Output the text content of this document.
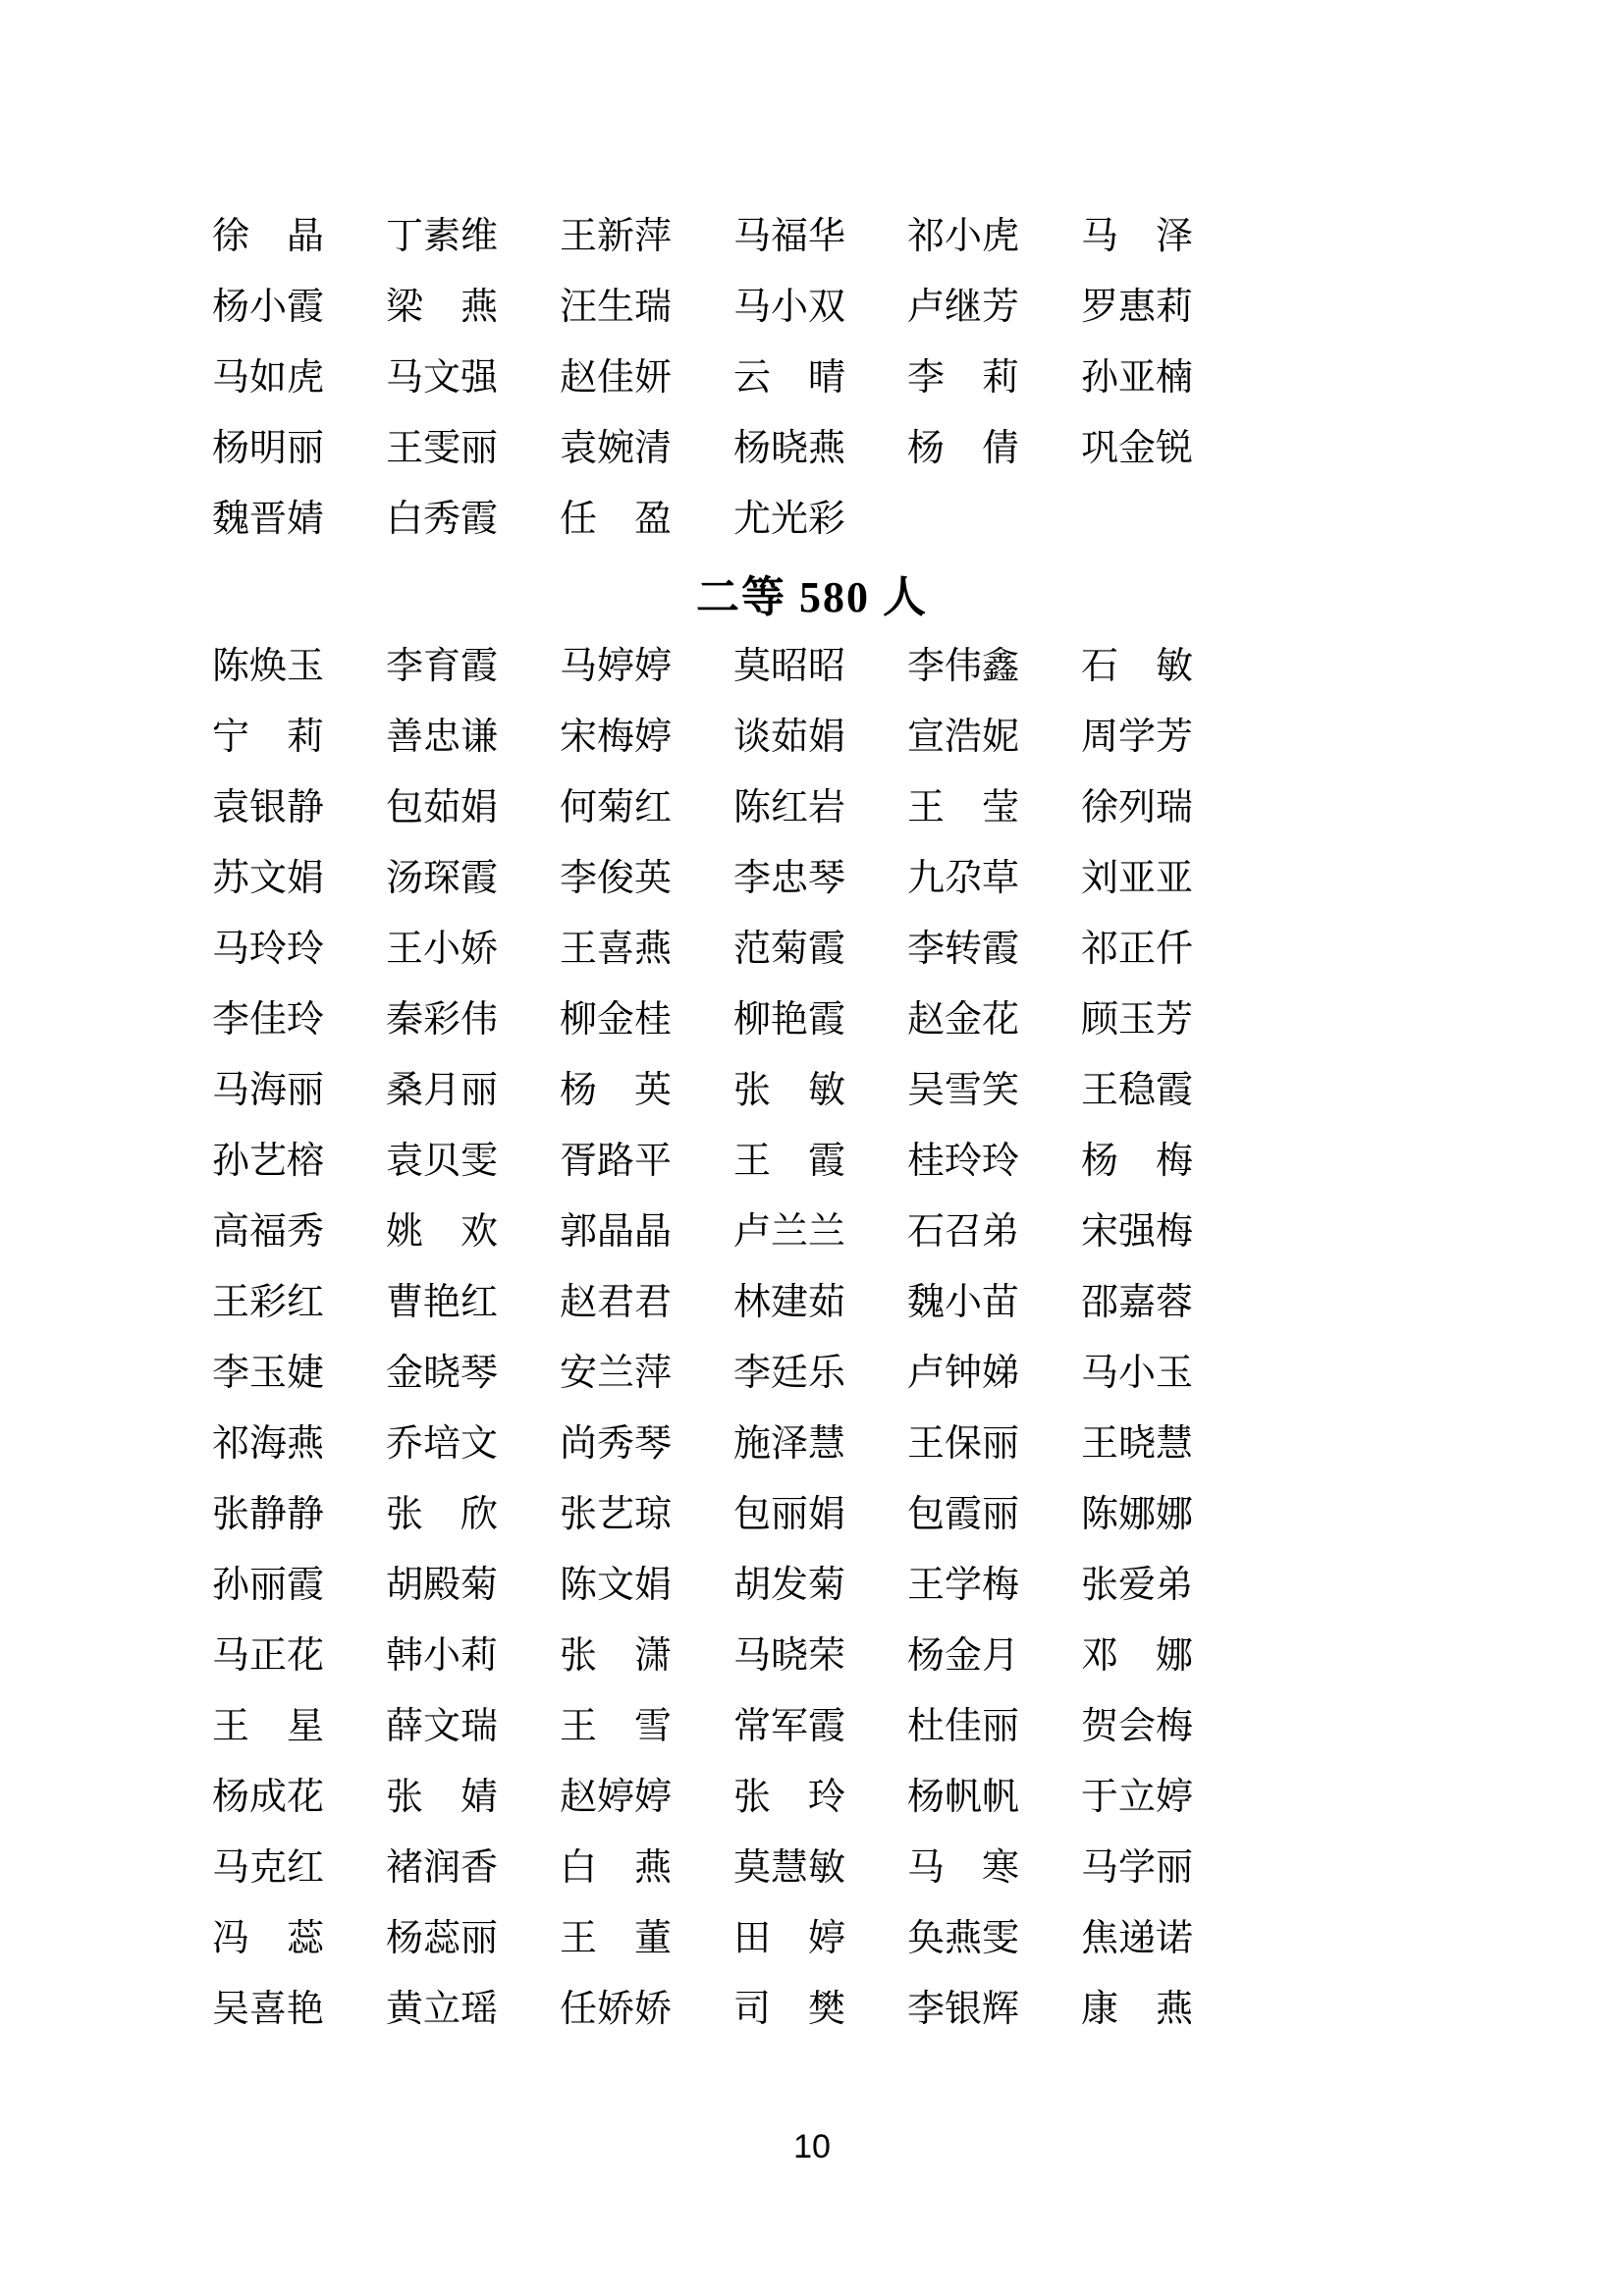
徐 晶 丁 素 维 王 新 萍 马 福 华 祁 小 虎 马 泽
杨 小 霞 梁 燕 汪 生 瑞 马 小 双 卢 继 芳 罗 惠 莉
马 如 虎 马 文 强 赵 佳 妍 云 晴 李 莉 孙 亚 楠
杨 明 丽 王 雯 丽 袁 婉 清 杨 晓 燕 杨 倩 巩 金 锐
魏 晋 婧 白 秀 霞 任 盈 尤 光 彩
二等 580 人
陈 焕 玉 李 育 霞 马 婷 婷 莫 昭 昭 李 伟 鑫 石 敏
宁 莉 善 忠 谦 宋 梅 婷 谈 茹 娟 宣 浩 妮 周 学 芳
袁 银 静 包 茹 娟 何 菊 红 陈 红 岩 王 莹 徐 列 瑞
苏 文 娟 汤 琛 霞 李 俊 英 李 忠 琴 九 尕 草 刘 亚 亚
马 玲 玲 王 小 娇 王 喜 燕 范 菊 霞 李 转 霞 祁 正 仟
李 佳 玲 秦 彩 伟 柳 金 桂 柳 艳 霞 赵 金 花 顾 玉 芳
马 海 丽 桑 月 丽 杨 英 张 敏 吴 雪 笑 王 稳 霞
孙 艺 榕 袁 贝 雯 胥 路 平 王 霞 桂 玲 玲 杨 梅
高 福 秀 姚 欢 郭 晶 晶 卢 兰 兰 石 召 弟 宋 强 梅
王 彩 红 曹 艳 红 赵 君 君 林 建 茹 魏 小 苗 邵 嘉 蓉
李 玉 婕 金 晓 琴 安 兰 萍 李 廷 乐 卢 钟 娣 马 小 玉
祁 海 燕 乔 培 文 尚 秀 琴 施 泽 慧 王 保 丽 王 晓 慧
张 静 静 张 欣 张 艺 琼 包 丽 娟 包 霞 丽 陈 娜 娜
孙 丽 霞 胡 殿 菊 陈 文 娟 胡 发 菊 王 学 梅 张 爱 弟
马 正 花 韩 小 莉 张 潇 马 晓 荣 杨 金 月 邓 娜
王 星 薛 文 瑞 王 雪 常 军 霞 杜 佳 丽 贺 会 梅
杨 成 花 张 婧 赵 婷 婷 张 玲 杨 帆 帆 于 立 婷
马 克 红 褚 润 香 白 燕 莫 慧 敏 马 寒 马 学 丽
冯 蕊 杨 蕊 丽 王 董 田 婷 奂 燕 雯 焦 递 诺
吴 喜 艳 黄 立 瑶 任 娇 娇 司 樊 李 银 辉 康 燕
10
